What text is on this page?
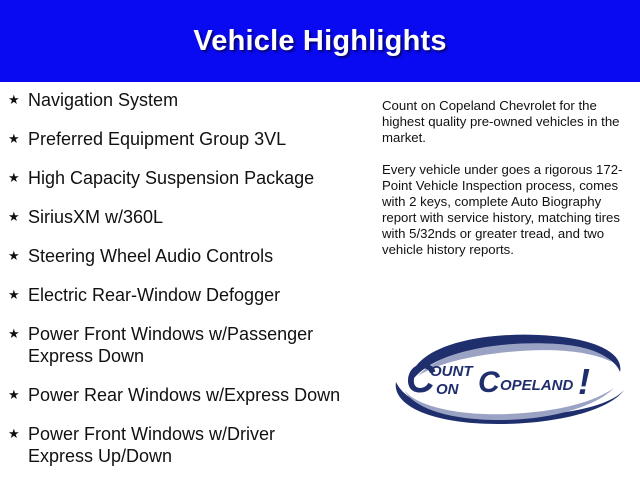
Vehicle Highlights
★ Navigation System
★ Preferred Equipment Group 3VL
★ High Capacity Suspension Package
★ SiriusXM w/360L
★ Steering Wheel Audio Controls
★ Electric Rear-Window Defogger
★ Power Front Windows w/Passenger Express Down
★ Power Rear Windows w/Express Down
★ Power Front Windows w/Driver Express Up/Down

Count on Copeland Chevrolet for the highest quality pre-owned vehicles in the market.

Every vehicle under goes a rigorous 172-Point Vehicle Inspection process, comes with 2 keys, complete Auto Biography report with service history, matching tires with 5/32nds or greater tread, and two vehicle history reports.

C
OUNT
ON C OPELAND !
